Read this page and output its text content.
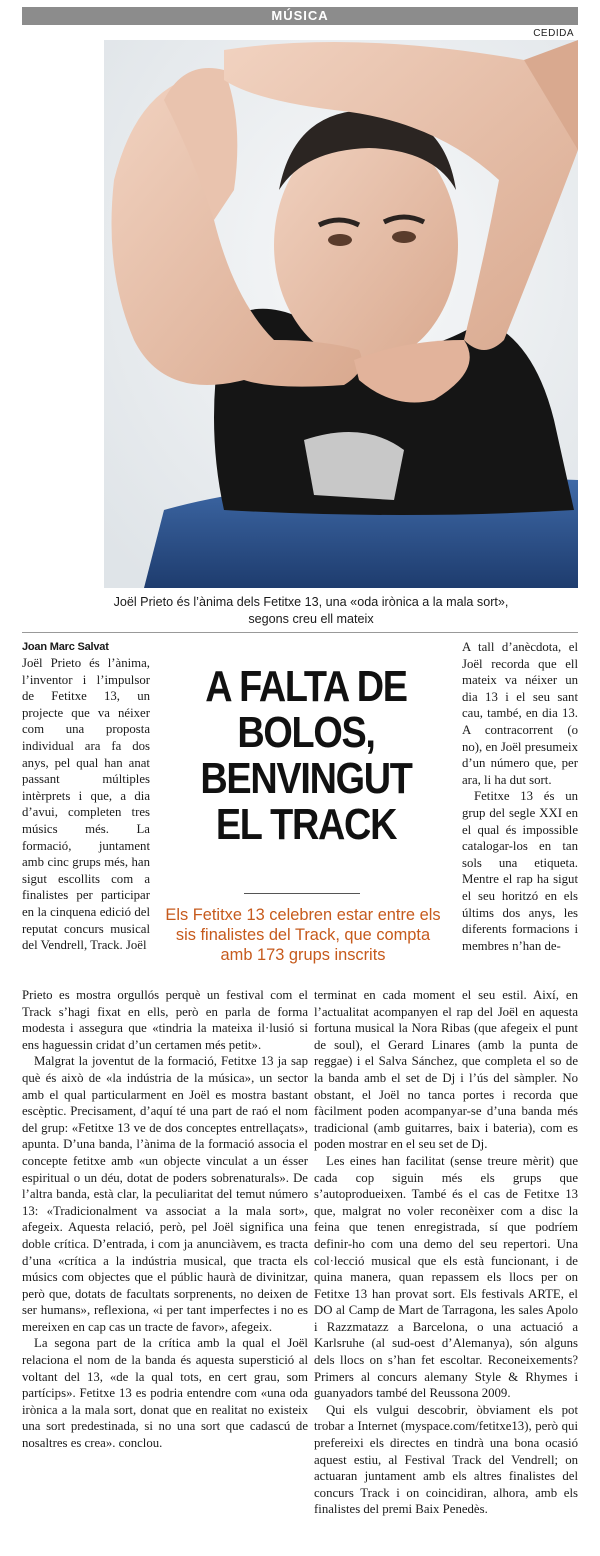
MÚSICA
CEDIDA
Joël Prieto és l’ànima dels Fetitxe 13, una «oda irònica a la mala sort», segons creu ell mateix
Joan Marc Salvat

Joël Prieto és l’ànima, l’inventor i l’impulsor de Fetitxe 13, un projecte que va néixer com una proposta individual ara fa dos anys, pel qual han anat passant múltiples intèrprets i que, a dia d’avui, completen tres músics més. La formació, juntament amb cinc grups més, han sigut escollits com a finalistes per participar en la cinquena edició del reputat concurs musical del Vendrell, Track. Joël

A FALTA DE BOLOS, BENVINGUT EL TRACK

Els Fetitxe 13 celebren estar entre els sis finalistes del Track, que compta amb 173 grups inscrits

A tall d’anècdota, el Joël recorda que ell mateix va néixer un dia 13 i el seu sant cau, també, en dia 13. A contracorrent (o no), en Joël presumeix d’un número que, per ara, li ha dut sort.

Fetitxe 13 és un grup del segle XXI en el qual és impossible catalogar-los en tan sols una etiqueta. Mentre el rap ha sigut el seu horitzó en els últims dos anys, les diferents formacions i membres n’han de-

Prieto es mostra orgullós perquè un festival com el Track s’hagi fixat en ells, però en parla de forma modesta i assegura que «tindria la mateixa il·lusió si ens haguessin cridat d’un certamen més petit».

Malgrat la joventut de la formació, Fetitxe 13 ja sap què és això de «la indústria de la música», un sector amb el qual particularment en Joël es mostra bastant escèptic. Precisament, d’aquí té una part de raó el nom del grup: «Fetitxe 13 ve de dos conceptes entrellaçats», apunta. D’una banda, l’ànima de la formació associa el concepte fetitxe amb «un objecte vinculat a un ésser espiritual o un déu, dotat de poders sobrenaturals». De l’altra banda, està clar, la peculiaritat del temut número 13: «Tradicionalment va associat a la mala sort», afegeix. Aquesta relació, però, pel Joël significa una doble crítica. D’entrada, i com ja anunciàvem, es tracta d’una «crítica a la indústria musical, que tracta els músics com objectes que el públic haurà de divinitzar, però que, dotats de facultats sorprenents, no deixen de ser humans», reflexiona, «i per tant imperfectes i no es mereixen en cap cas un tracte de favor», afegeix.

La segona part de la crítica amb la qual el Joël relaciona el nom de la banda és aquesta superstició al voltant del 13, «de la qual tots, en cert grau, som partícips». Fetitxe 13 es podria entendre com «una oda irònica a la mala sort, donat que en realitat no existeix una sort predestinada, si no una sort que cadascú de nosaltres es crea». conclou.

terminat en cada moment el seu estil. Així, en l’actualitat acompanyen el rap del Joël en aquesta fortuna musical la Nora Ribas (que afegeix el punt de soul), el Gerard Linares (amb la punta de reggae) i el Salva Sánchez, que completa el so de la banda amb el set de Dj i l’ús del sàmpler. No obstant, el Joël no tanca portes i recorda que fàcilment poden acompanyar-se d’una banda més tradicional (amb guitarres, baix i bateria), com es poden mostrar en el seu set de Dj.

Les eines han facilitat (sense treure mèrit) que cada cop siguin més els grups que s’autoprodueixen. També és el cas de Fetitxe 13 que, malgrat no voler reconèixer com a disc la feina que tenen enregistrada, sí que podríem definir-ho com una demo del seu repertori. Una col·lecció musical que els està funcionant, i de quina manera, quan repassem els llocs per on Fetitxe 13 han provat sort. Els festivals ARTE, el DO al Camp de Mart de Tarragona, les sales Apolo i Razzmatazz a Barcelona, o una actuació a Karlsruhe (al sud-oest d’Alemanya), són alguns dels llocs on s’han fet escoltar. Reconeixements? Primers al concurs alemany Style & Rhymes i guanyadors també del Reussona 2009.

Qui els vulgui descobrir, òbviament els pot trobar a Internet (myspace.com/fetitxe13), però qui prefereixi els directes en tindrà una bona ocasió aquest estiu, al Festival Track del Vendrell; on actuaran juntament amb els altres finalistes del concurs Track i on coincidiran, alhora, amb els finalistes del premi Baix Penedès.
